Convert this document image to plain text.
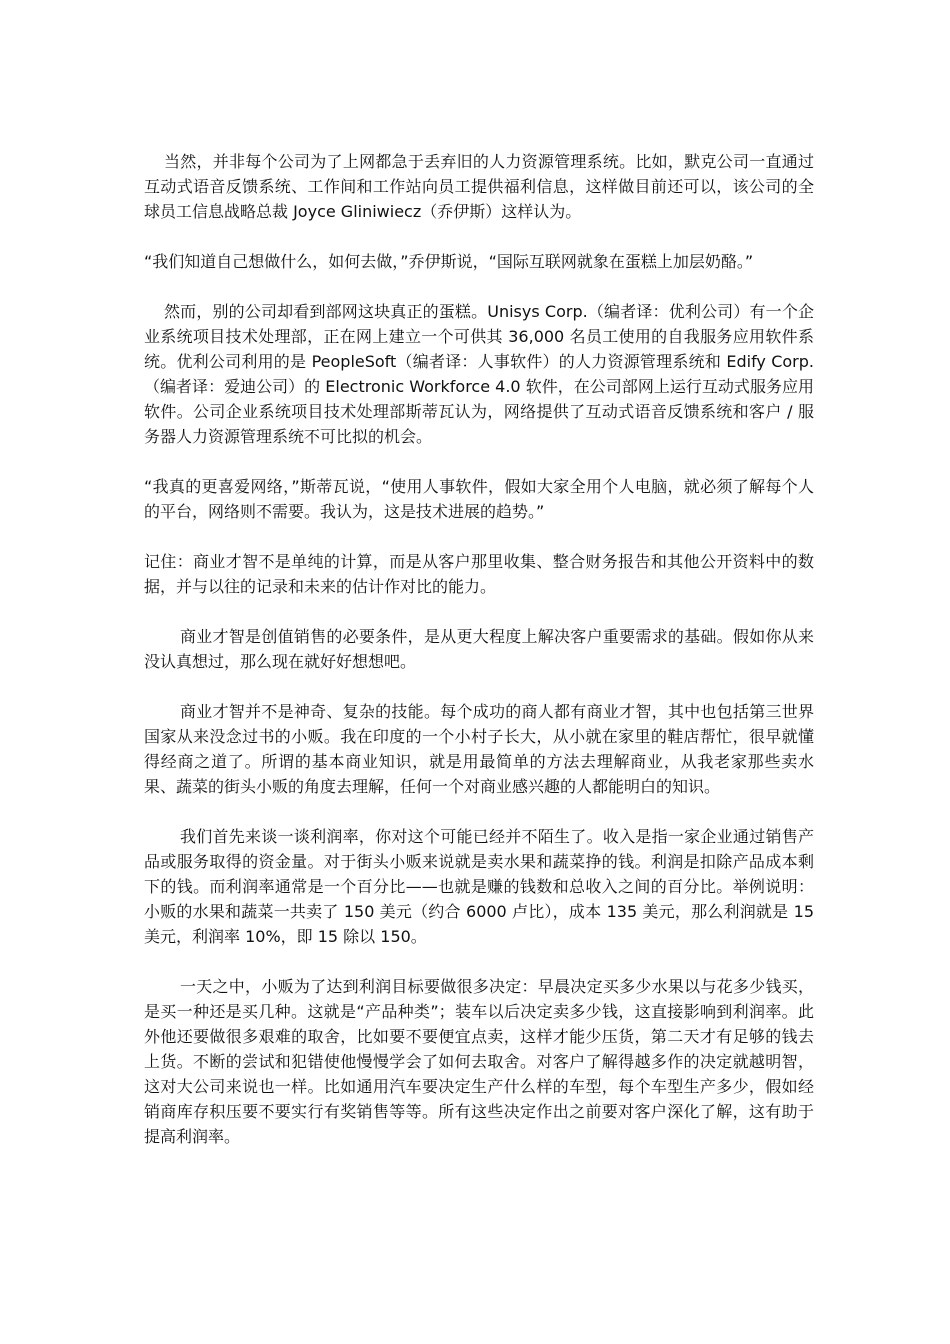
当然，并非每个公司为了上网都急于丢弃旧的人力资源管理系统。比如，默克公司一直通过互动式语音反馈系统、工作间和工作站向员工提供福利信息，这样做目前还可以，该公司的全球员工信息战略总裁 Joyce Gliniwiecz（乔伊斯）这样认为。

“我们知道自己想做什么，如何去做，”乔伊斯说，“国际互联网就象在蛋糕上加层奶酪。”

然而，别的公司却看到部网这块真正的蛋糕。Unisys Corp.（编者译：优利公司）有一个企业系统项目技术处理部，正在网上建立一个可供其 36,000 名员工使用的自我服务应用软件系统。优利公司利用的是 PeopleSoft（编者译：人事软件）的人力资源管理系统和 Edify Corp.（编者译：爱迪公司）的 Electronic Workforce 4.0 软件，在公司部网上运行互动式服务应用软件。公司企业系统项目技术处理部斯蒂瓦认为，网络提供了互动式语音反馈系统和客户 / 服务器人力资源管理系统不可比拟的机会。

“我真的更喜爱网络，”斯蒂瓦说，“使用人事软件，假如大家全用个人电脑，就必须了解每个人的平台，网络则不需要。我认为，这是技术进展的趋势。”

记住：商业才智不是单纯的计算，而是从客户那里收集、整合财务报告和其他公开资料中的数据，并与以往的记录和未来的估计作对比的能力。

商业才智是创值销售的必要条件，是从更大程度上解决客户重要需求的基础。假如你从来没认真想过，那么现在就好好想想吧。

商业才智并不是神奇、复杂的技能。每个成功的商人都有商业才智，其中也包括第三世界国家从来没念过书的小贩。我在印度的一个小村子长大，从小就在家里的鞋店帮忙，很早就懂得经商之道了。所谓的基本商业知识，就是用最简单的方法去理解商业，从我老家那些卖水果、蔬菜的街头小贩的角度去理解，任何一个对商业感兴趣的人都能明白的知识。

我们首先来谈一谈利润率，你对这个可能已经并不陌生了。收入是指一家企业通过销售产品或服务取得的资金量。对于街头小贩来说就是卖水果和蔬菜挣的钱。利润是扣除产品成本剩下的钱。而利润率通常是一个百分比——也就是赚的钱数和总收入之间的百分比。举例说明：小贩的水果和蔬菜一共卖了 150 美元（约合 6000 卢比），成本 135 美元，那么利润就是 15 美元，利润率 10%，即 15 除以 150。

一天之中，小贩为了达到利润目标要做很多决定：早晨决定买多少水果以与花多少钱买，是买一种还是买几种。这就是“产品种类”；装车以后决定卖多少钱，这直接影响到利润率。此外他还要做很多艰难的取舍，比如要不要便宜点卖，这样才能少压货，第二天才有足够的钱去上货。不断的尝试和犯错使他慢慢学会了如何去取舍。对客户了解得越多作的决定就越明智，这对大公司来说也一样。比如通用汽车要决定生产什么样的车型，每个车型生产多少，假如经销商库存积压要不要实行有奖销售等等。所有这些决定作出之前要对客户深化了解，这有助于提高利润率。
